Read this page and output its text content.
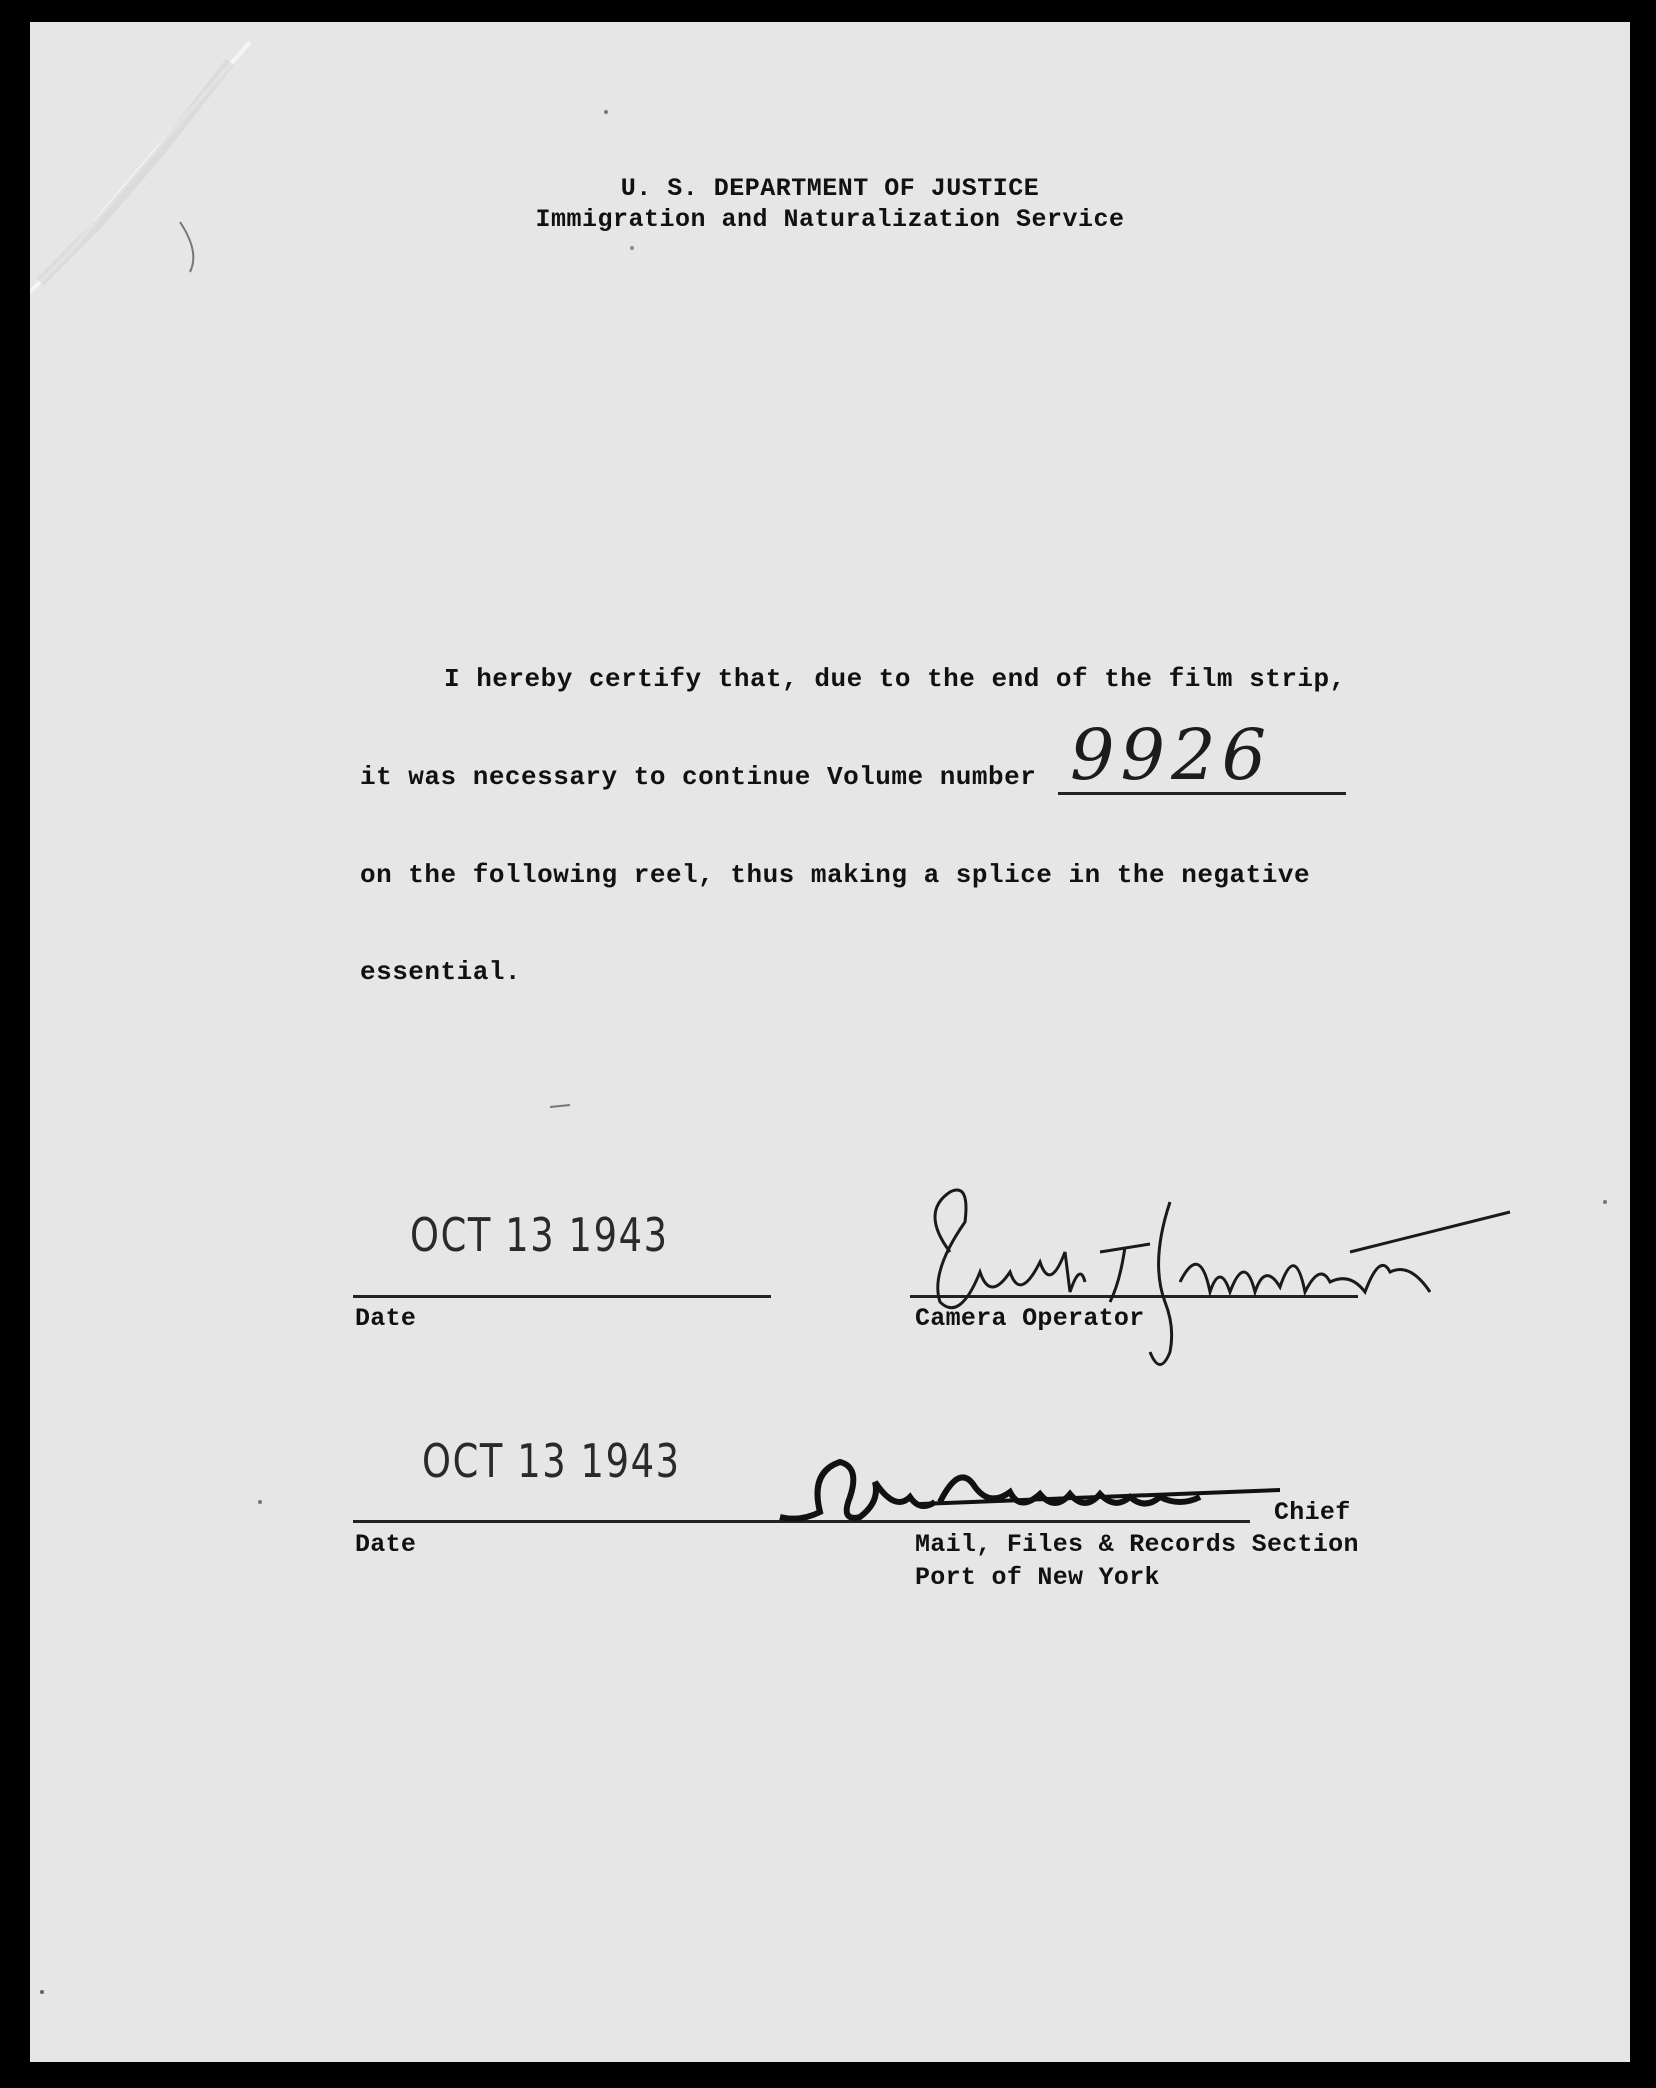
U. S. DEPARTMENT OF JUSTICE
Immigration and Naturalization Service
I hereby certify that, due to the end of the film strip,
it was necessary to continue Volume number 9926
on the following reel, thus making a splice in the negative
essential.
OCT 13 1943
Date	Camera Operator
OCT 13 1943
Date
Chief
Mail, Files & Records Section
Port of New York
